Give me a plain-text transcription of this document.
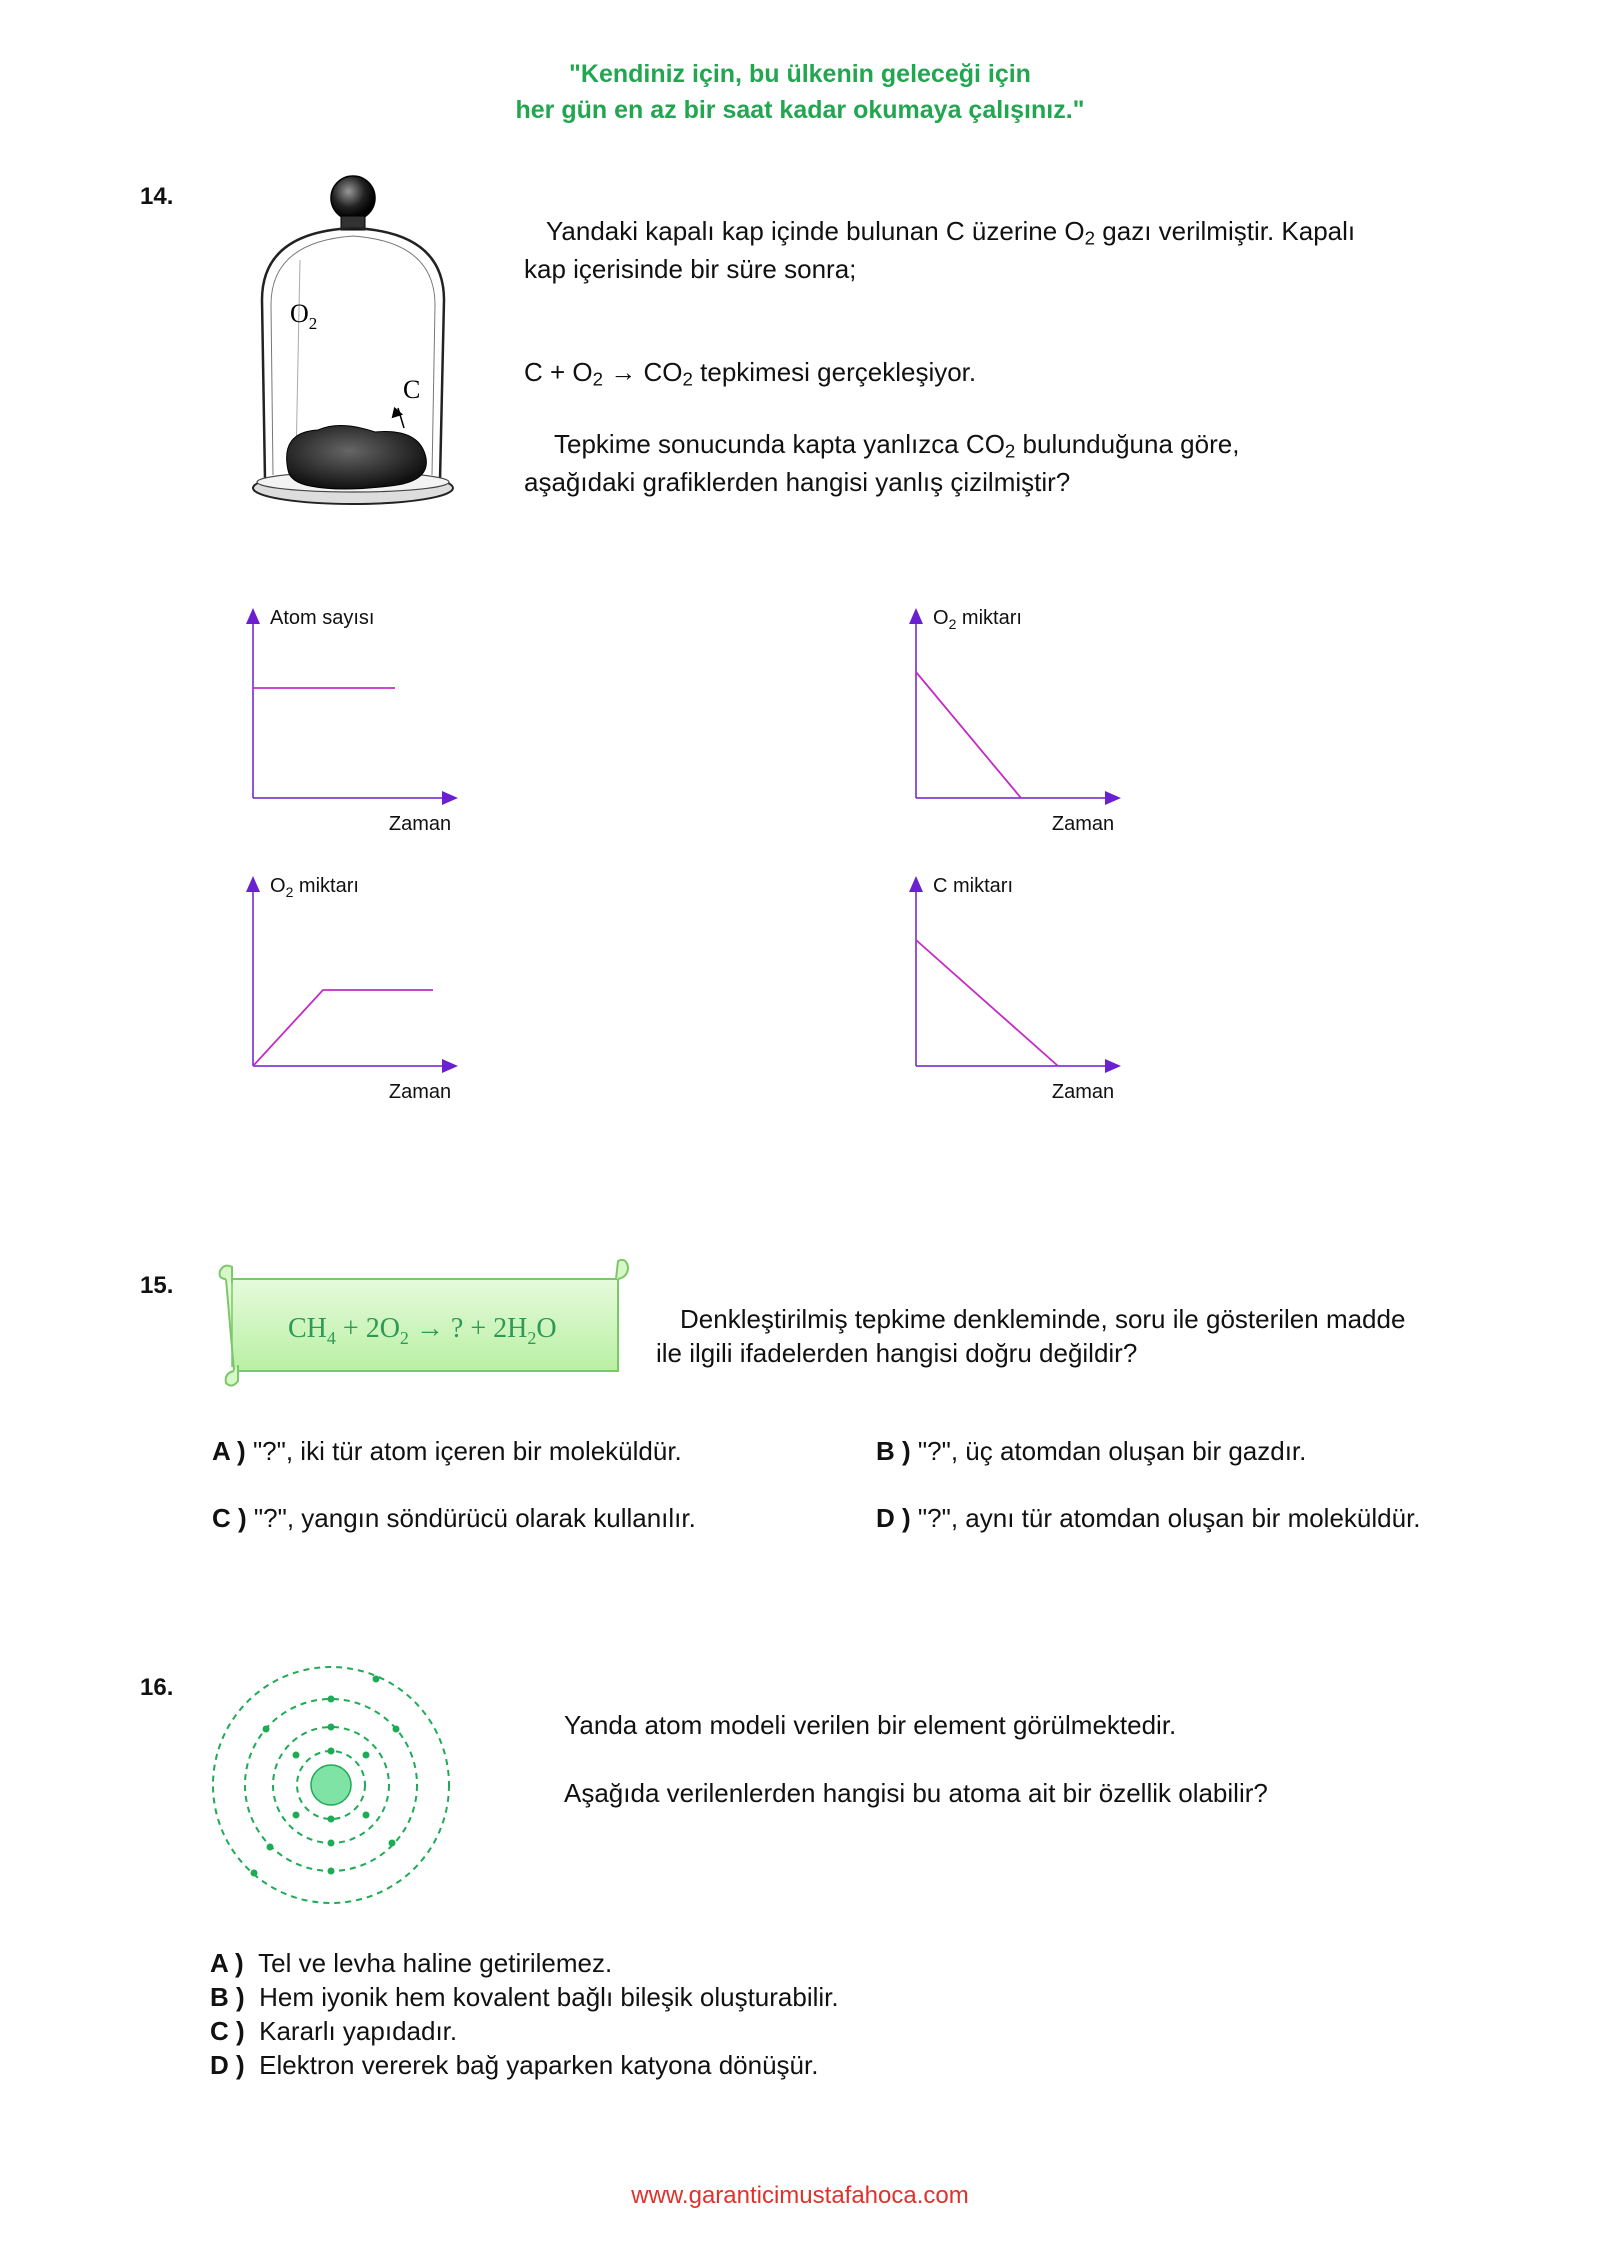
"Kendiniz için, bu ülkenin geleceği için
her gün en az bir saat kadar okumaya çalışınız."
14.
$O_2$
C
Yandaki kapalı kap içinde bulunan C üzerine $O_2$ gazı verilmiştir. Kapalı
kap içerisinde bir süre sonra;
$C + O_2 \to CO_2$ tepkimesi gerçekleşiyor.
Tepkime sonucunda kapta yanlızca $CO_2$ bulunduğuna göre,
aşağıdaki grafiklerden hangisi yanlış çizilmiştir?
Atom sayısı
Zaman
$O_2$ miktarı
Zaman
$O_2$ miktarı
Zaman
C miktarı
Zaman
15.
$CH_4 + 2O_2$ → ? + $2H_2O$	Denkleştirilmiş tepkime denkleminde, soru ile gösterilen madde
ile ilgili ifadelerden hangisi doğru değildir?
A ) "?", iki tür atom içeren bir moleküldür.	B ) "?", üç atomdan oluşan bir gazdır.
C ) "?", yangın söndürücü olarak kullanılır.	D ) "?", aynı tür atomdan oluşan bir moleküldür.
16.
Yanda atom modeli verilen bir element görülmektedir.
Aşağıda verilenlerden hangisi bu atoma ait bir özellik olabilir?
A ) Tel ve levha haline getirilemez.
B ) Hem iyonik hem kovalent bağlı bileşik oluşturabilir.
C ) Kararlı yapıdadır.
D ) Elektron vererek bağ yaparken katyona dönüşür.
www.garanticimustafahoca.com
